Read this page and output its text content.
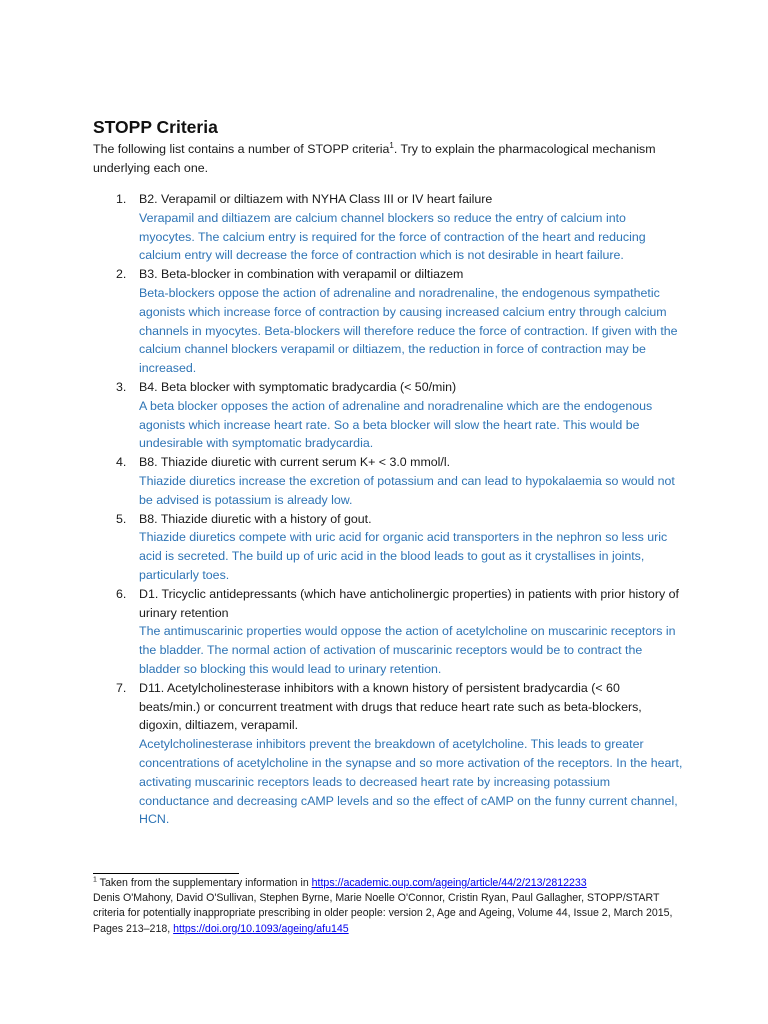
STOPP Criteria

The following list contains a number of STOPP criteria$^1$. Try to explain the pharmacological mechanism underlying each one.

1. B2. Verapamil or diltiazem with NYHA Class III or IV heart failure
Verapamil and diltiazem are calcium channel blockers so reduce the entry of calcium into myocytes. The calcium entry is required for the force of contraction of the heart and reducing calcium entry will decrease the force of contraction which is not desirable in heart failure.
2. B3. Beta-blocker in combination with verapamil or diltiazem
Beta-blockers oppose the action of adrenaline and noradrenaline, the endogenous sympathetic agonists which increase force of contraction by causing increased calcium entry through calcium channels in myocytes. Beta-blockers will therefore reduce the force of contraction. If given with the calcium channel blockers verapamil or diltiazem, the reduction in force of contraction may be increased.
3. B4. Beta blocker with symptomatic bradycardia (< 50/min)
A beta blocker opposes the action of adrenaline and noradrenaline which are the endogenous agonists which increase heart rate. So a beta blocker will slow the heart rate. This would be undesirable with symptomatic bradycardia.
4. B8. Thiazide diuretic with current serum K+ < 3.0 mmol/l.
Thiazide diuretics increase the excretion of potassium and can lead to hypokalaemia so would not be advised is potassium is already low.
5. B8. Thiazide diuretic with a history of gout.
Thiazide diuretics compete with uric acid for organic acid transporters in the nephron so less uric acid is secreted. The build up of uric acid in the blood leads to gout as it crystallises in joints, particularly toes.
6. D1. Tricyclic antidepressants (which have anticholinergic properties) in patients with prior history of urinary retention
The antimuscarinic properties would oppose the action of acetylcholine on muscarinic receptors in the bladder. The normal action of activation of muscarinic receptors would be to contract the bladder so blocking this would lead to urinary retention.
7. D11. Acetylcholinesterase inhibitors with a known history of persistent bradycardia (< 60 beats/min.) or concurrent treatment with drugs that reduce heart rate such as beta-blockers, digoxin, diltiazem, verapamil.
Acetylcholinesterase inhibitors prevent the breakdown of acetylcholine. This leads to greater concentrations of acetylcholine in the synapse and so more activation of the receptors. In the heart, activating muscarinic receptors leads to decreased heart rate by increasing potassium conductance and decreasing cAMP levels and so the effect of cAMP on the funny current channel, HCN.
$^1$ Taken from the supplementary information in https://academic.oup.com/ageing/article/44/2/213/2812233
Denis O'Mahony, David O'Sullivan, Stephen Byrne, Marie Noelle O'Connor, Cristin Ryan, Paul Gallagher, STOPP/START criteria for potentially inappropriate prescribing in older people: version 2, Age and Ageing, Volume 44, Issue 2, March 2015, Pages 213–218, https://doi.org/10.1093/ageing/afu145
